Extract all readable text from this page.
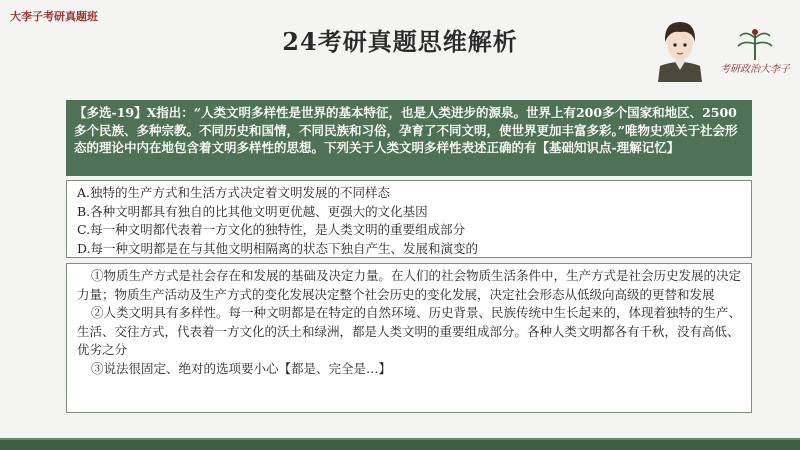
大李子考研真题班
24考研真题思维解析
考研政治大李子
【多选-19】X指出：“人类文明多样性是世界的基本特征，也是人类进步的源泉。世界上有200多个国家和地区、2500多个民族、多种宗教。不同历史和国情，不同民族和习俗，孕育了不同文明，使世界更加丰富多彩。”唯物史观关于社会形态的理论中内在地包含着文明多样性的思想。下列关于人类文明多样性表述正确的有【基础知识点-理解记忆】
A.独特的生产方式和生活方式决定着文明发展的不同样态
B.各种文明都具有独自的比其他文明更优越、更强大的文化基因
C.每一种文明都代表着一方文化的独特性，是人类文明的重要组成部分
D.每一种文明都是在与其他文明相隔离的状态下独自产生、发展和演变的
①物质生产方式是社会存在和发展的基础及决定力量。在人们的社会物质生活条件中，生产方式是社会历史发展的决定力量；物质生产活动及生产方式的变化发展决定整个社会历史的变化发展，决定社会形态从低级向高级的更替和发展
②人类文明具有多样性。每一种文明都是在特定的自然环境、历史背景、民族传统中生长起来的，体现着独特的生产、生活、交往方式，代表着一方文化的沃土和绿洲，都是人类文明的重要组成部分。各种人类文明都各有千秋，没有高低、优劣之分
③说法很固定、绝对的选项要小心【都是、完全是…】
